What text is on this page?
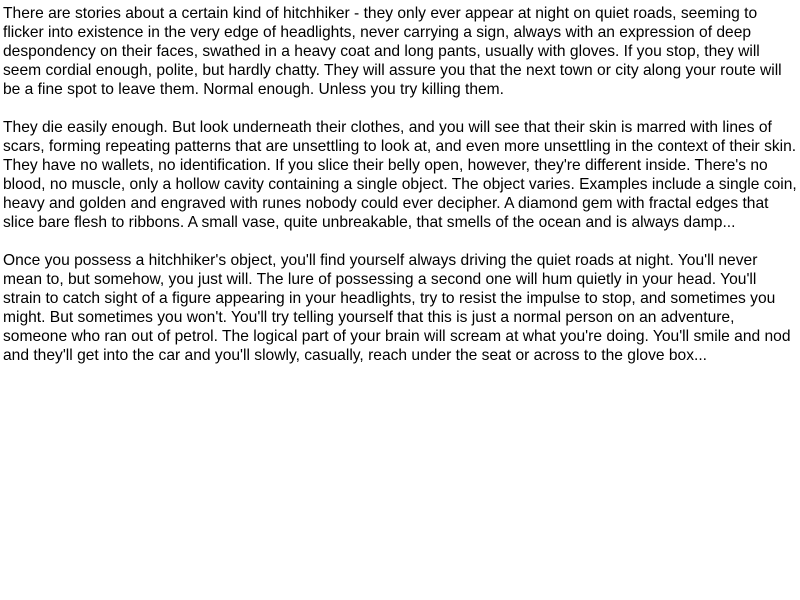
There are stories about a certain kind of hitchhiker - they only ever appear at night on quiet roads, seeming to flicker into existence in the very edge of headlights, never carrying a sign, always with an expression of deep despondency on their faces, swathed in a heavy coat and long pants, usually with gloves. If you stop, they will seem cordial enough, polite, but hardly chatty. They will assure you that the next town or city along your route will be a fine spot to leave them. Normal enough. Unless you try killing them.

They die easily enough. But look underneath their clothes, and you will see that their skin is marred with lines of scars, forming repeating patterns that are unsettling to look at, and even more unsettling in the context of their skin. They have no wallets, no identification. If you slice their belly open, however, they're different inside. There's no blood, no muscle, only a hollow cavity containing a single object. The object varies. Examples include a single coin, heavy and golden and engraved with runes nobody could ever decipher. A diamond gem with fractal edges that slice bare flesh to ribbons. A small vase, quite unbreakable, that smells of the ocean and is always damp...

Once you possess a hitchhiker's object, you'll find yourself always driving the quiet roads at night. You'll never mean to, but somehow, you just will. The lure of possessing a second one will hum quietly in your head. You'll strain to catch sight of a figure appearing in your headlights, try to resist the impulse to stop, and sometimes you might. But sometimes you won't. You'll try telling yourself that this is just a normal person on an adventure, someone who ran out of petrol. The logical part of your brain will scream at what you're doing. You'll smile and nod and they'll get into the car and you'll slowly, casually, reach under the seat or across to the glove box...
